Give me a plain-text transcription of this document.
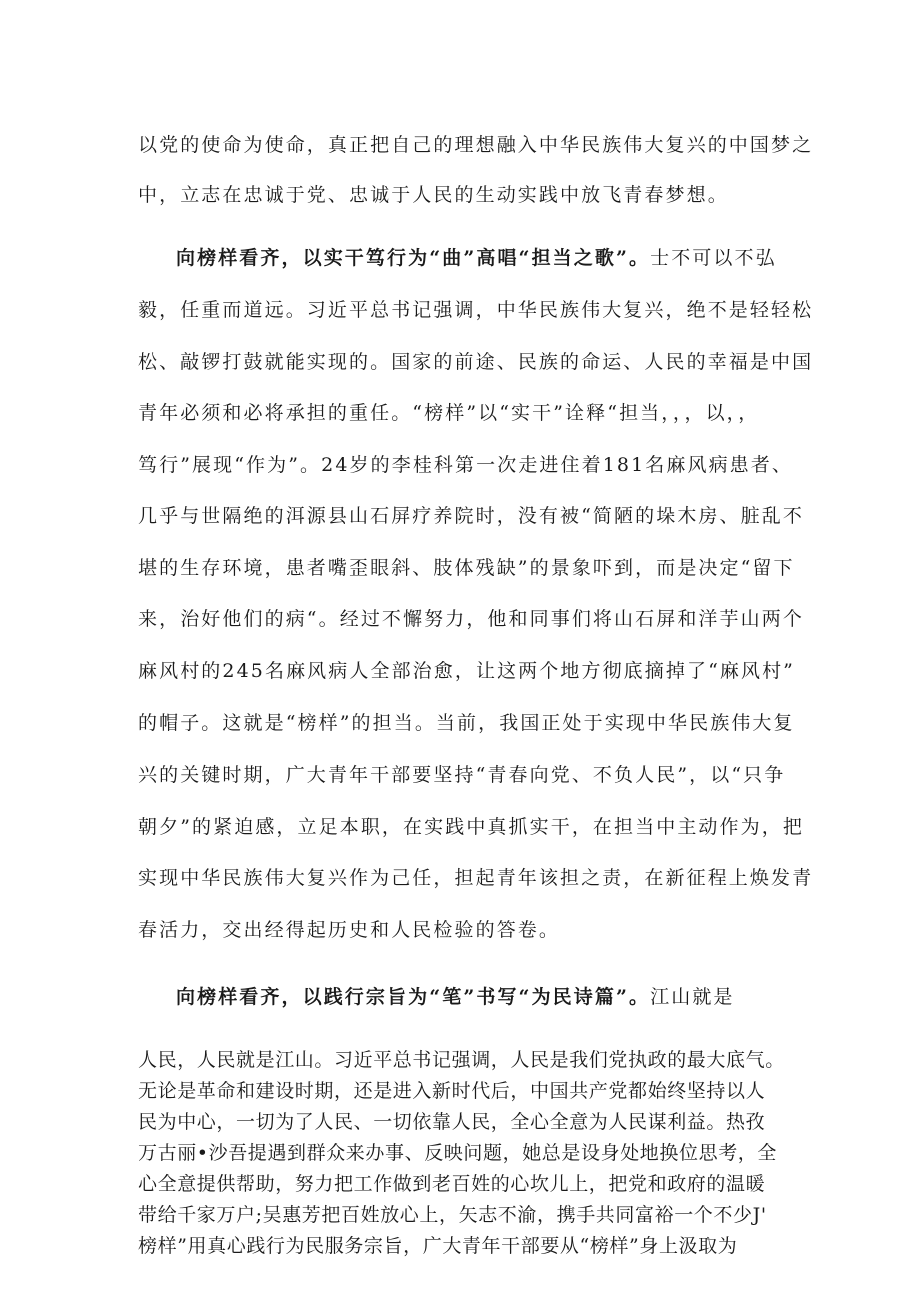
以党的使命为使命，真正把自己的理想融入中华民族伟大复兴的中国梦之
中，立志在忠诚于党、忠诚于人民的生动实践中放飞青春梦想。
向榜样看齐，以实干笃行为“曲”高唱“担当之歌”。士不可以不弘
毅，任重而道远。习近平总书记强调，中华民族伟大复兴，绝不是轻轻松
松、敲锣打鼓就能实现的。国家的前途、民族的命运、人民的幸福是中国
青年必须和必将承担的重任。“榜样”以“实干”诠释“担当，，，以，，
笃行”展现“作为”。24岁的李桂科第一次走进住着181名麻风病患者、
几乎与世隔绝的洱源县山石屏疗养院时，没有被“简陋的垛木房、脏乱不
堪的生存环境，患者嘴歪眼斜、肢体残缺”的景象吓到，而是决定“留下
来，治好他们的病“。经过不懈努力，他和同事们将山石屏和洋芋山两个
麻风村的245名麻风病人全部治愈，让这两个地方彻底摘掉了“麻风村”
的帽子。这就是“榜样”的担当。当前，我国正处于实现中华民族伟大复
兴的关键时期，广大青年干部要坚持“青春向党、不负人民”，以“只争
朝夕”的紧迫感，立足本职，在实践中真抓实干，在担当中主动作为，把
实现中华民族伟大复兴作为己任，担起青年该担之责，在新征程上焕发青
春活力，交出经得起历史和人民检验的答卷。
向榜样看齐，以践行宗旨为“笔”书写“为民诗篇”。江山就是
人民，人民就是江山。习近平总书记强调，人民是我们党执政的最大底气。
无论是革命和建设时期，还是进入新时代后，中国共产党都始终坚持以人
民为中心，一切为了人民、一切依靠人民，全心全意为人民谋利益。热孜
万古丽•沙吾提遇到群众来办事、反映问题，她总是设身处地换位思考，全
心全意提供帮助，努力把工作做到老百姓的心坎儿上，把党和政府的温暖
带给千家万户;吴惠芳把百姓放心上，矢志不渝，携手共同富裕一个不少J'
榜样”用真心践行为民服务宗旨，广大青年干部要从“榜样”身上汲取为
